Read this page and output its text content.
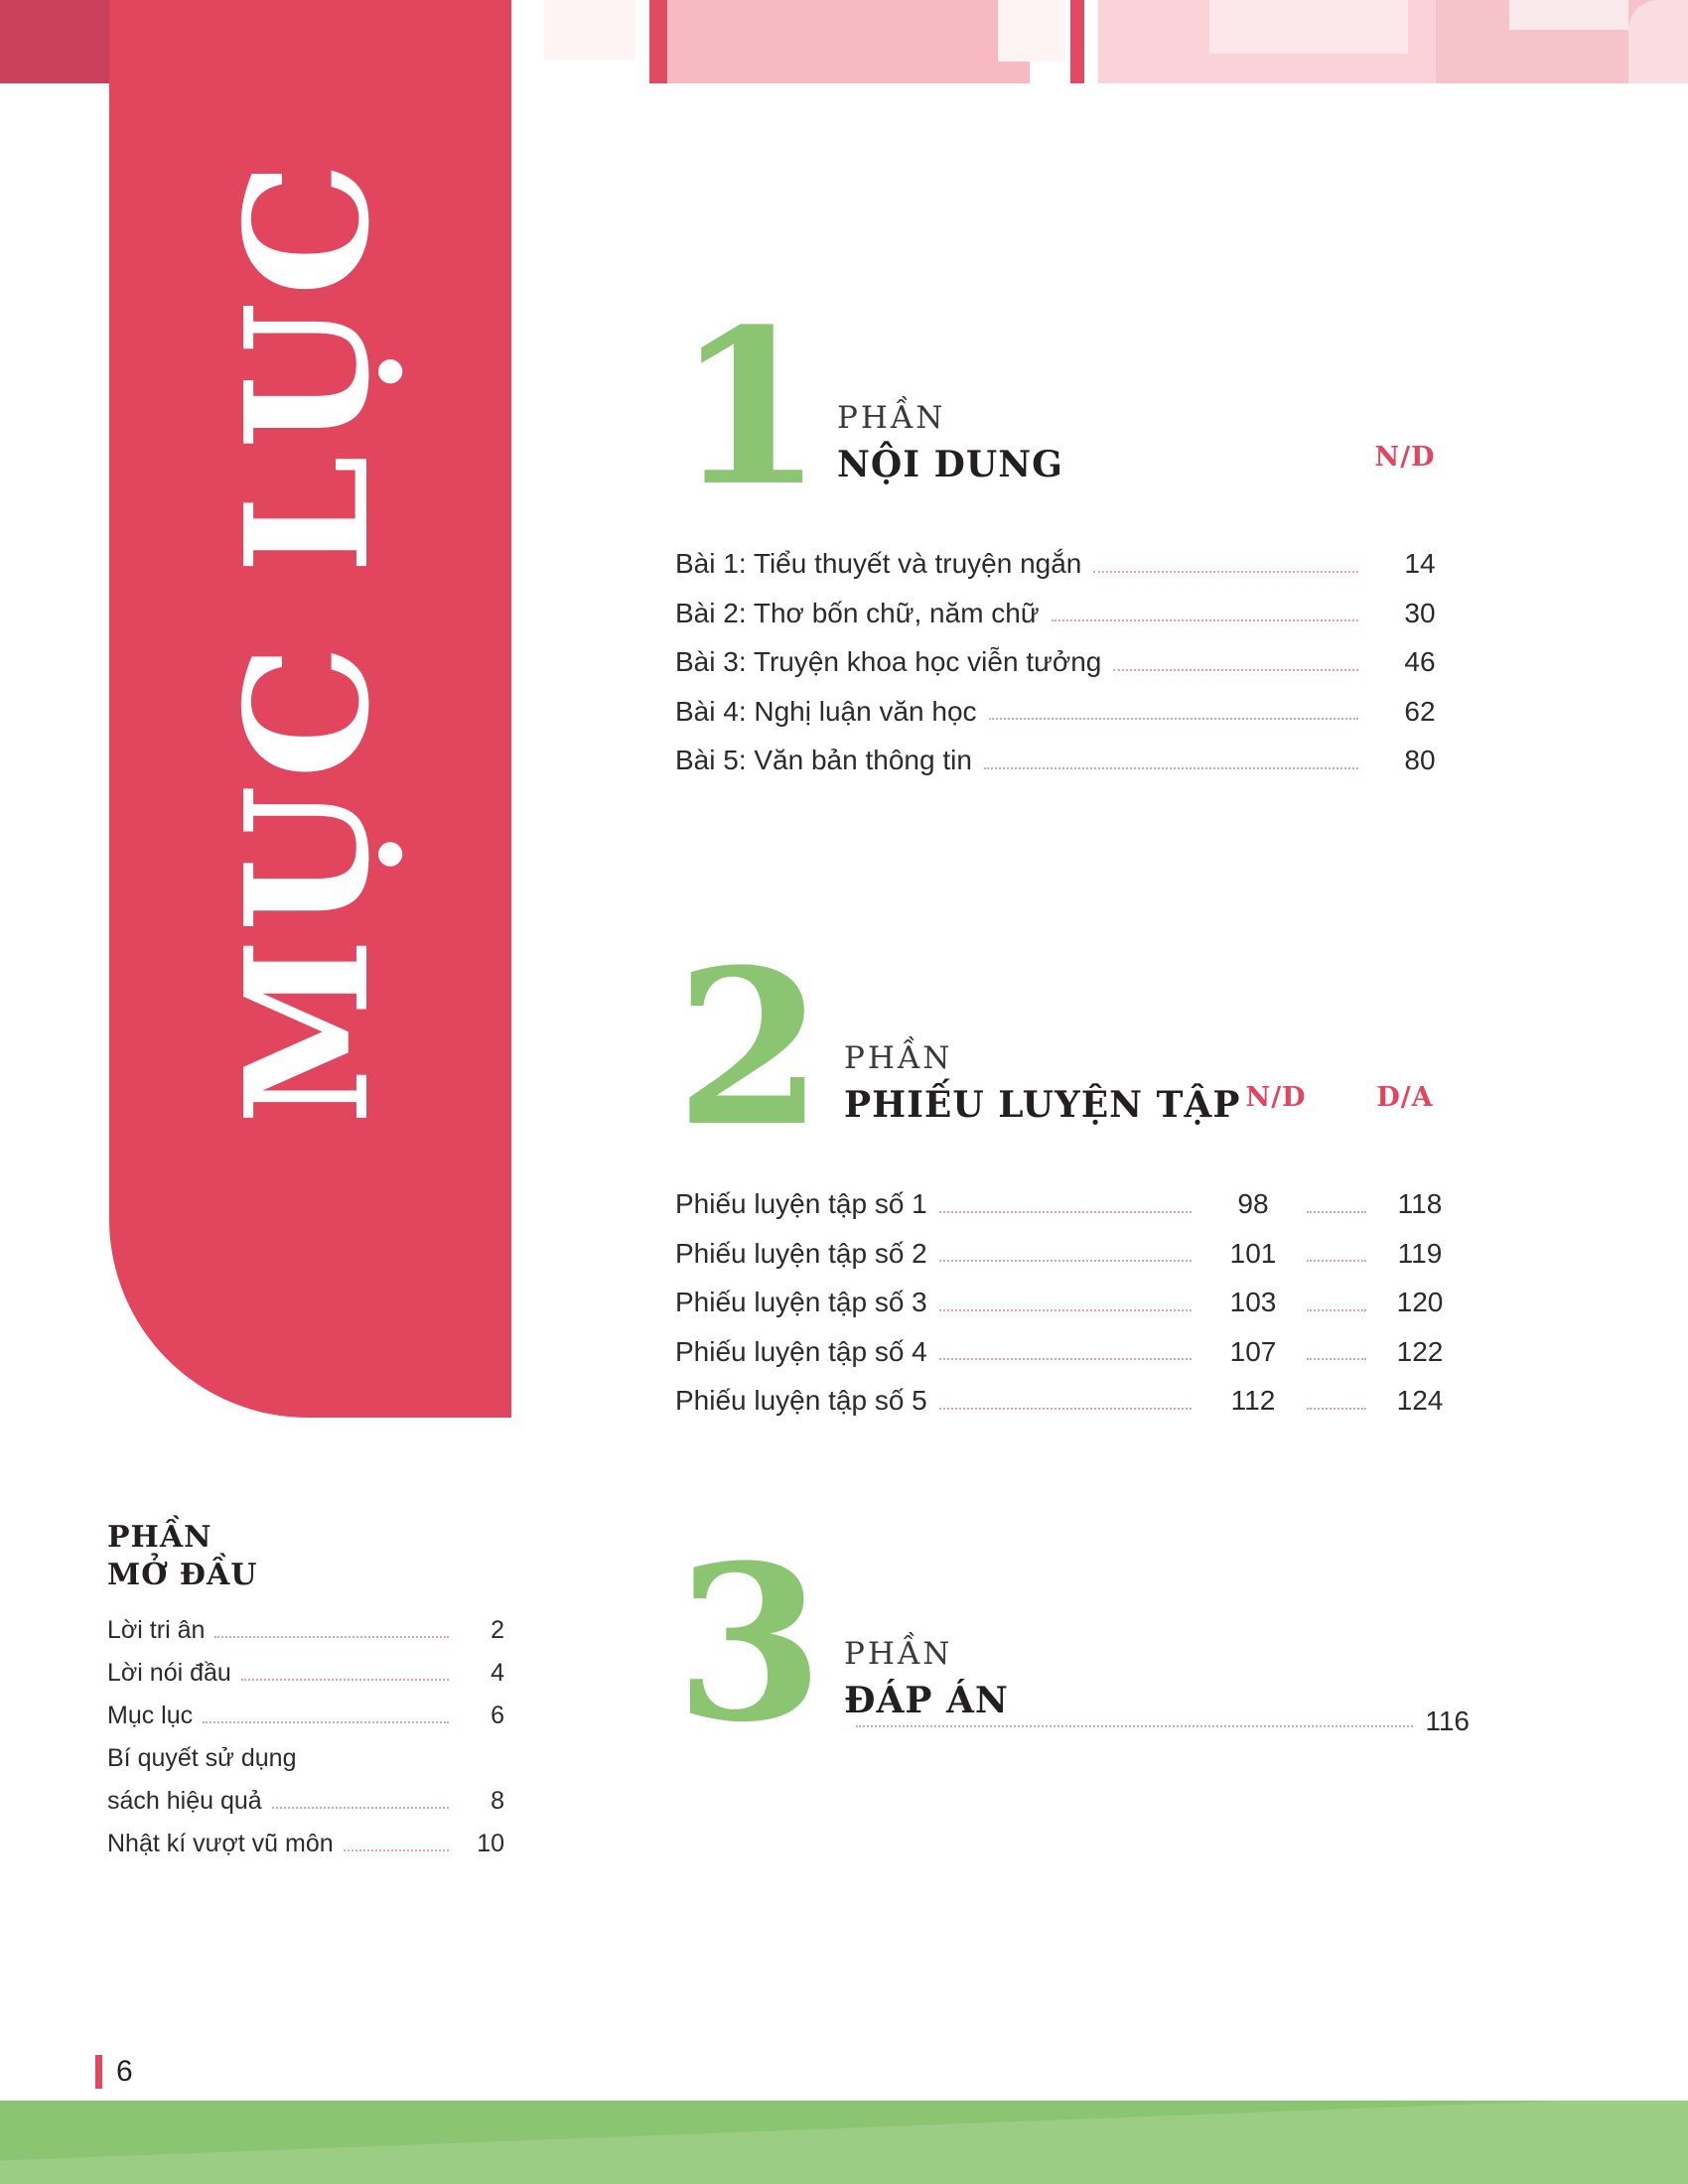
MỤC LỤC
PHẦN
MỞ ĐẦU
Lời tri ân	2
Lời nói đầu	4
Mục lục	6
Bí quyết sử dụng
sách hiệu quả	8
Nhật kí vượt vũ môn	10
1 PHẦN
NỘI DUNG	N/D
Bài 1: Tiểu thuyết và truyện ngắn	14
Bài 2: Thơ bốn chữ, năm chữ	30
Bài 3: Truyện khoa học viễn tưởng	46
Bài 4: Nghị luận văn học	62
Bài 5: Văn bản thông tin	80
2 PHẦN
PHIẾU LUYỆN TẬP N/D	D/A
Phiếu luyện tập số 1	98	118
Phiếu luyện tập số 2	101	119
Phiếu luyện tập số 3	103	120
Phiếu luyện tập số 4	107	122
Phiếu luyện tập số 5	112	124
3 PHẦN
ĐÁP ÁN	116
6
